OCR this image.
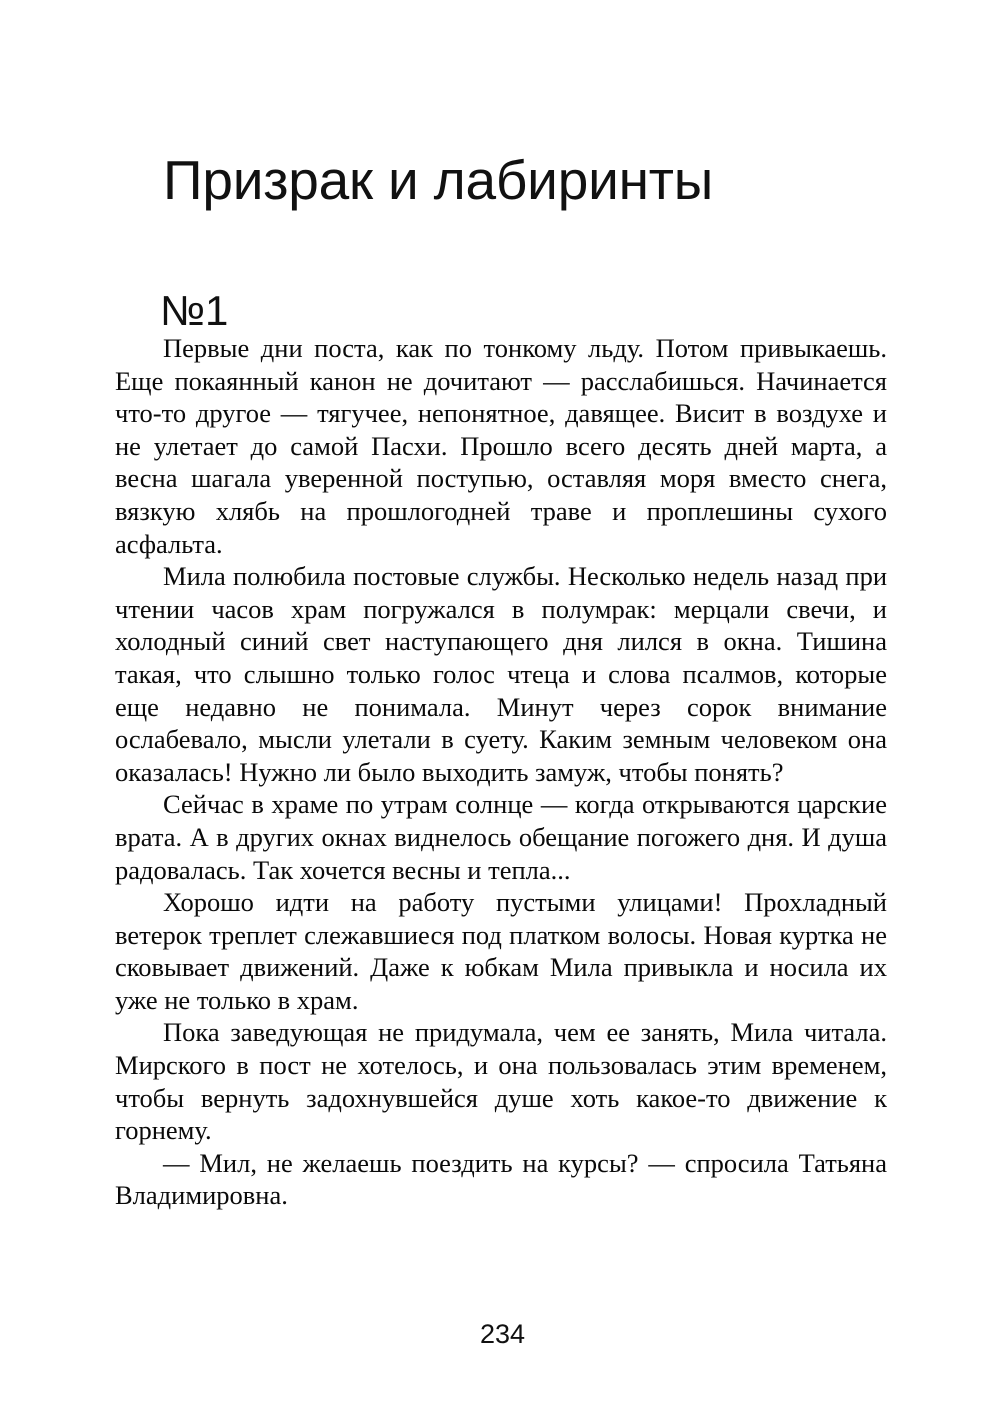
Призрак и лабиринты
№1

Первые дни поста, как по тонкому льду. Потом привыкаешь. Еще покаянный канон не дочитают — расслабишься. Начинается что-то другое — тягучее, непонятное, давящее. Висит в воздухе и не улетает до самой Пасхи. Прошло всего десять дней марта, а весна шагала уверенной поступью, оставляя моря вместо снега, вязкую хлябь на прошлогодней траве и проплешины сухого асфальта.

Мила полюбила постовые службы. Несколько недель назад при чтении часов храм погружался в полумрак: мерцали свечи, и холодный синий свет наступающего дня лился в окна. Тишина такая, что слышно только голос чтеца и слова псалмов, которые еще недавно не понимала. Минут через сорок внимание ослабевало, мысли улетали в суету. Каким земным человеком она оказалась! Нужно ли было выходить замуж, чтобы понять?

Сейчас в храме по утрам солнце — когда открываются царские врата. А в других окнах виднелось обещание погожего дня. И душа радовалась. Так хочется весны и тепла...

Хорошо идти на работу пустыми улицами! Прохладный ветерок треплет слежавшиеся под платком волосы. Новая куртка не сковывает движений. Даже к юбкам Мила привыкла и носила их уже не только в храм.

Пока заведующая не придумала, чем ее занять, Мила читала. Мирского в пост не хотелось, и она пользовалась этим временем, чтобы вернуть задохнувшейся душе хоть какое-то движение к горнему.

— Мил, не желаешь поездить на курсы? — спросила Татьяна Владимировна.

234
